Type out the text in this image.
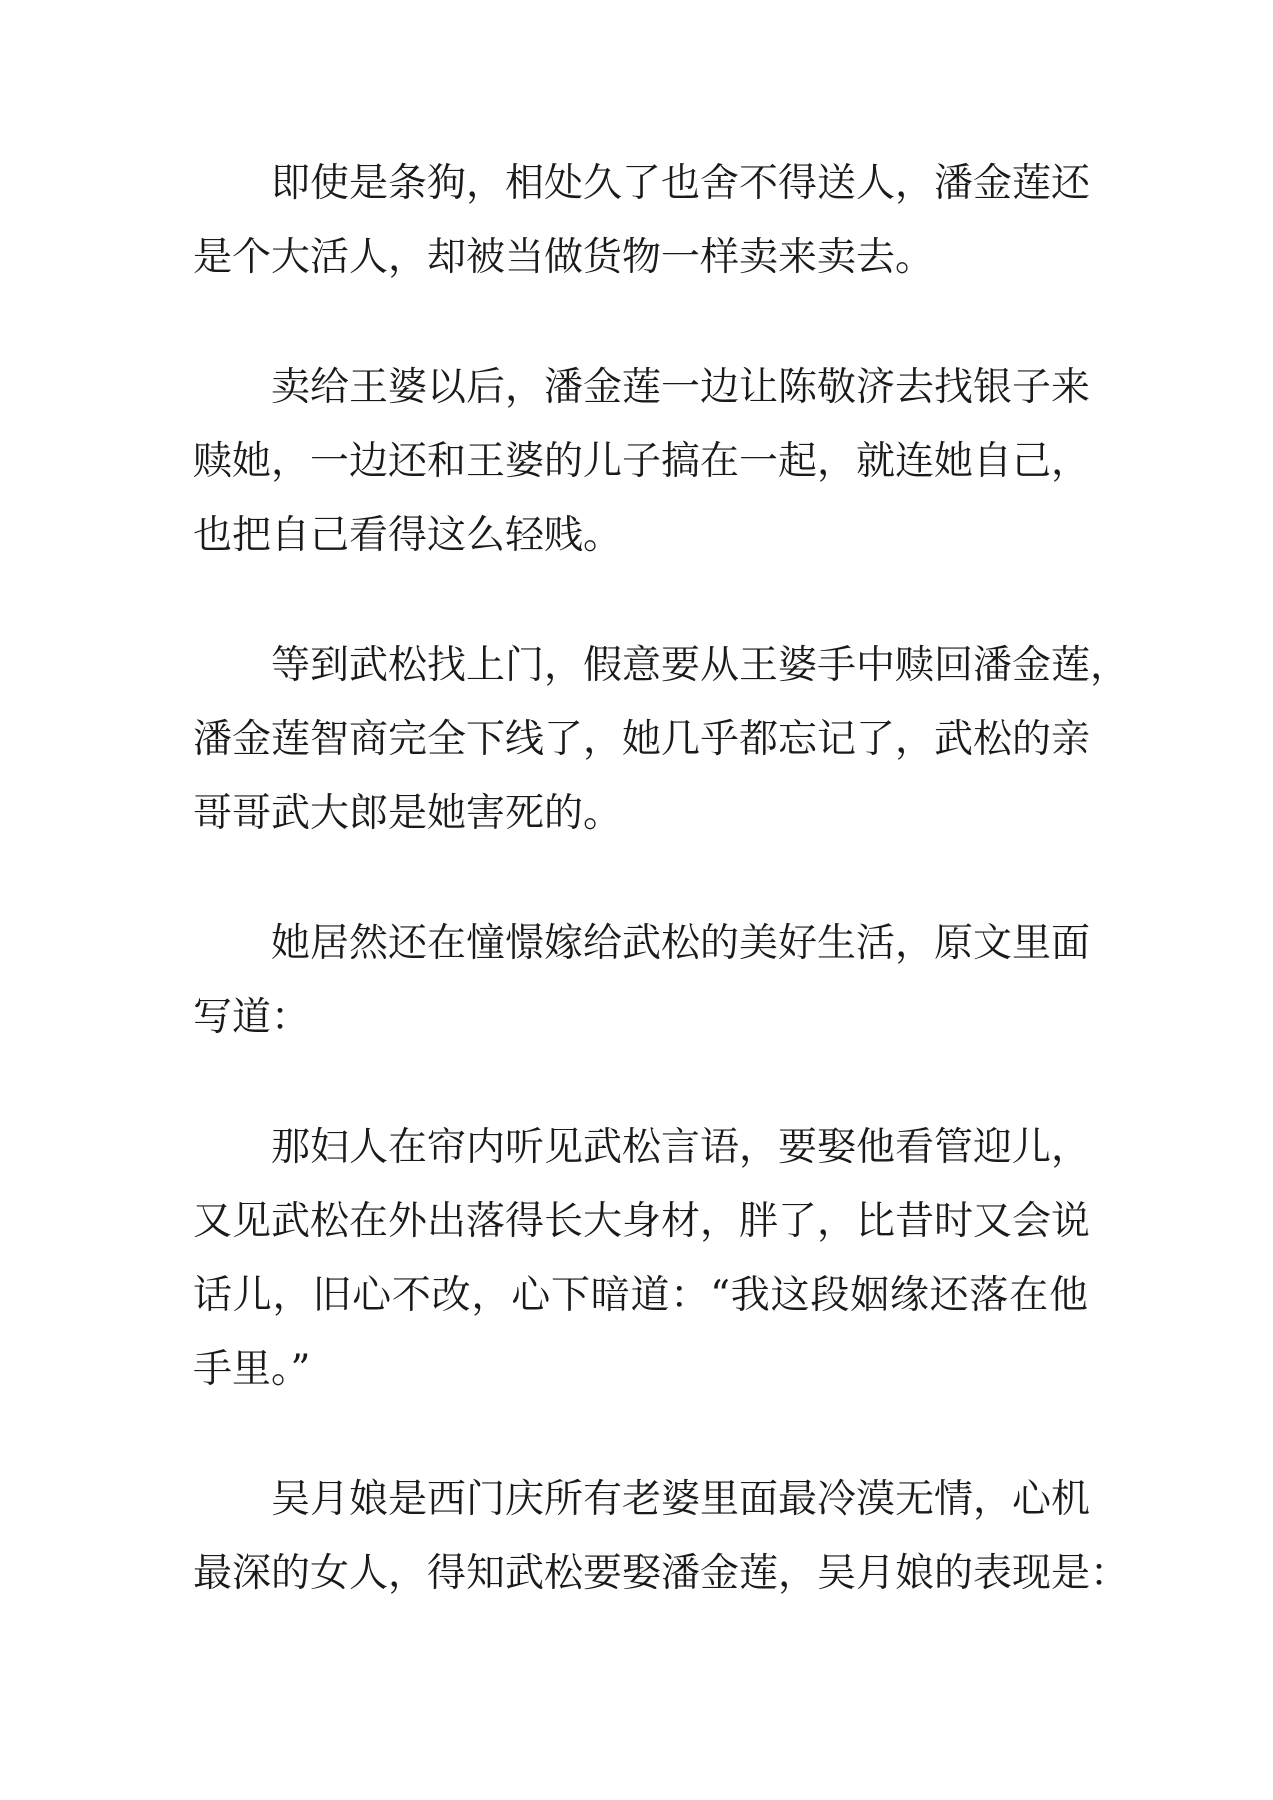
即使是条狗，相处久了也舍不得送人，潘金莲还
是个大活人，却被当做货物一样卖来卖去。

卖给王婆以后，潘金莲一边让陈敬济去找银子来
赎她，一边还和王婆的儿子搞在一起，就连她自己，
也把自己看得这么轻贱。

等到武松找上门，假意要从王婆手中赎回潘金莲，
潘金莲智商完全下线了，她几乎都忘记了，武松的亲
哥哥武大郎是她害死的。

她居然还在憧憬嫁给武松的美好生活，原文里面
写道：

那妇人在帘内听见武松言语，要娶他看管迎儿，
又见武松在外出落得长大身材，胖了，比昔时又会说
话儿，旧心不改，心下暗道：“我这段姻缘还落在他
手里。”

吴月娘是西门庆所有老婆里面最冷漠无情，心机
最深的女人，得知武松要娶潘金莲，吴月娘的表现是：
